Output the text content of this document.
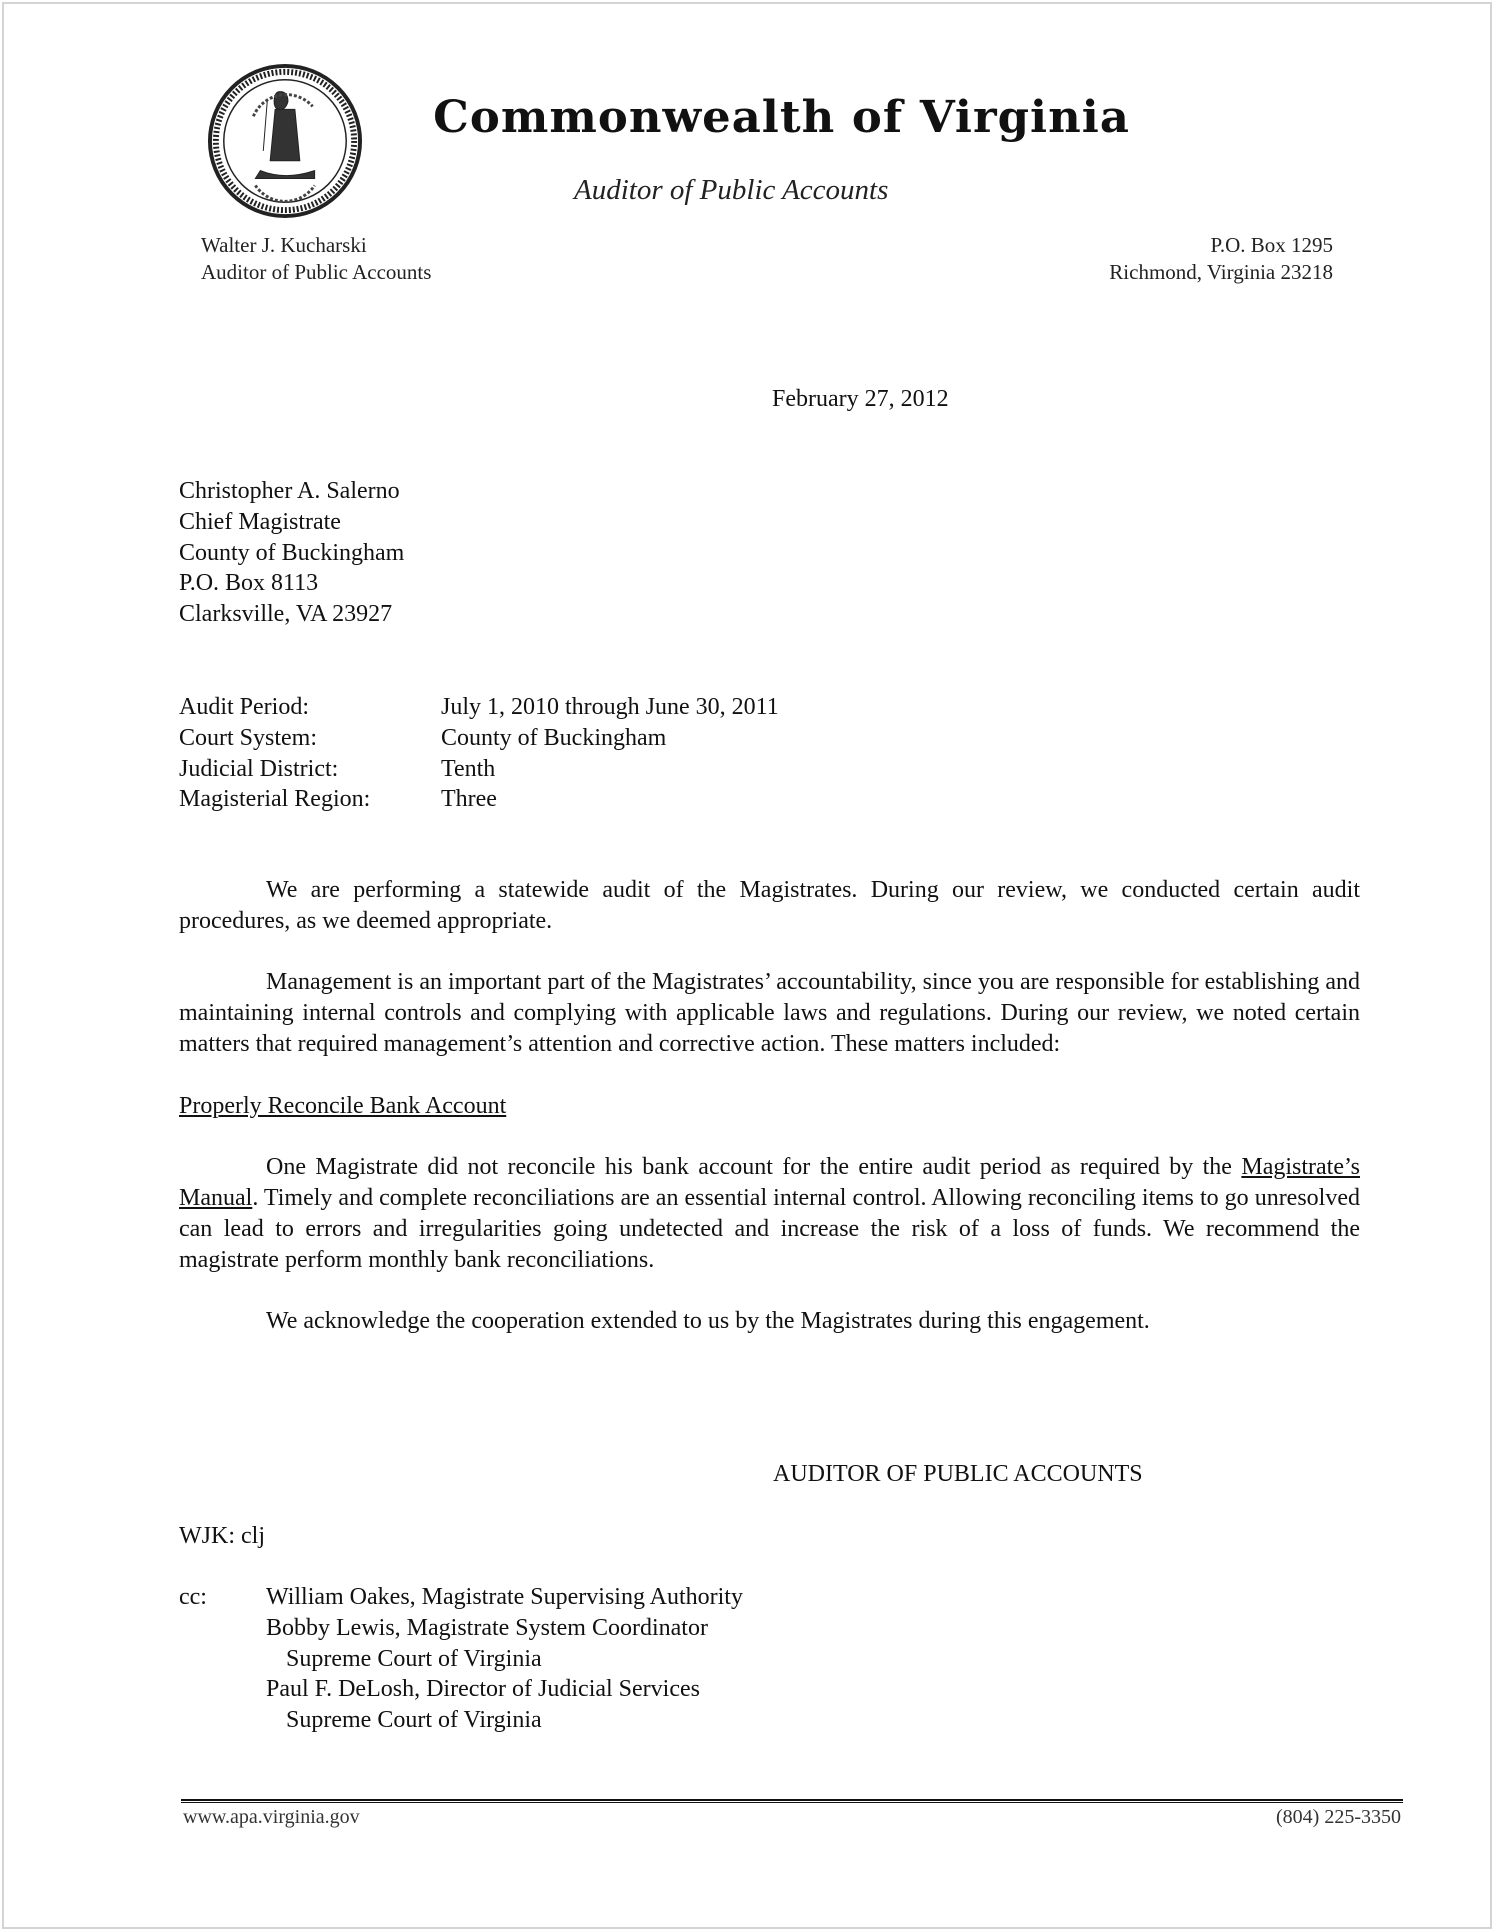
Commonwealth of Virginia
Auditor of Public Accounts
Walter J. Kucharski
Auditor of Public Accounts
P.O. Box 1295
Richmond, Virginia 23218
February 27, 2012
Christopher A. Salerno
Chief Magistrate
County of Buckingham
P.O. Box 8113
Clarksville, VA 23927
Audit Period:	July 1, 2010 through June 30, 2011
Court System:	County of Buckingham
Judicial District:	Tenth
Magisterial Region:	Three

We are performing a statewide audit of the Magistrates. During our review, we conducted certain audit procedures, as we deemed appropriate.

Management is an important part of the Magistrates’ accountability, since you are responsible for establishing and maintaining internal controls and complying with applicable laws and regulations. During our review, we noted certain matters that required management’s attention and corrective action. These matters included:

Properly Reconcile Bank Account

One Magistrate did not reconcile his bank account for the entire audit period as required by the Magistrate’s Manual. Timely and complete reconciliations are an essential internal control. Allowing reconciling items to go unresolved can lead to errors and irregularities going undetected and increase the risk of a loss of funds. We recommend the magistrate perform monthly bank reconciliations.

We acknowledge the cooperation extended to us by the Magistrates during this engagement.

AUDITOR OF PUBLIC ACCOUNTS
WJK: clj
cc:	William Oakes, Magistrate Supervising Authority
Bobby Lewis, Magistrate System Coordinator
Supreme Court of Virginia
Paul F. DeLosh, Director of Judicial Services
Supreme Court of Virginia
www.apa.virginia.gov	(804) 225-3350
